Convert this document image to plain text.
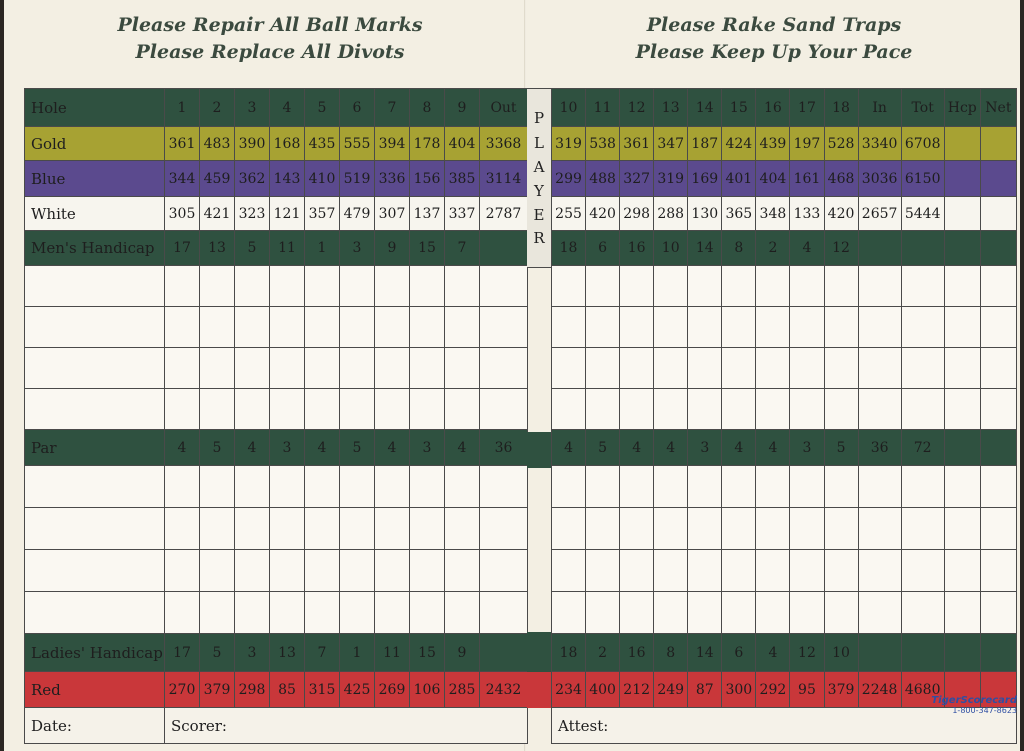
Please Repair All Ball Marks
Please Replace All Divots
Please Rake Sand Traps
Please Keep Up Your Pace
Hole	1	2	3	4	5	6	7	8	9	Out
Gold	361	483	390	168	435	555	394	178	404	3368
Blue	344	459	362	143	410	519	336	156	385	3114
White	305	421	323	121	357	479	307	137	337	2787
Men's Handicap	17	13	5	11	1	3	9	15	7	

Par	4	5	4	3	4	5	4	3	4	36

Ladies' Handicap	17	5	3	13	7	1	11	15	9	
Red	270	379	298	85	315	425	269	106	285	2432
Date:	Scorer:									
P
L
A
Y
E
R
10	11	12	13	14	15	16	17	18	In	Tot	Hcp	Net
319	538	361	347	187	424	439	197	528	3340	6708		
299	488	327	319	169	401	404	161	468	3036	6150		
255	420	298	288	130	365	348	133	420	2657	5444		
18	6	16	10	14	8	2	4	12				

4	5	4	4	3	4	4	3	5	36	72		

18	2	16	8	14	6	4	12	10				
234	400	212	249	87	300	292	95	379	2248	4680		
Attest:												
TigerScorecard
1-800-347-8623
